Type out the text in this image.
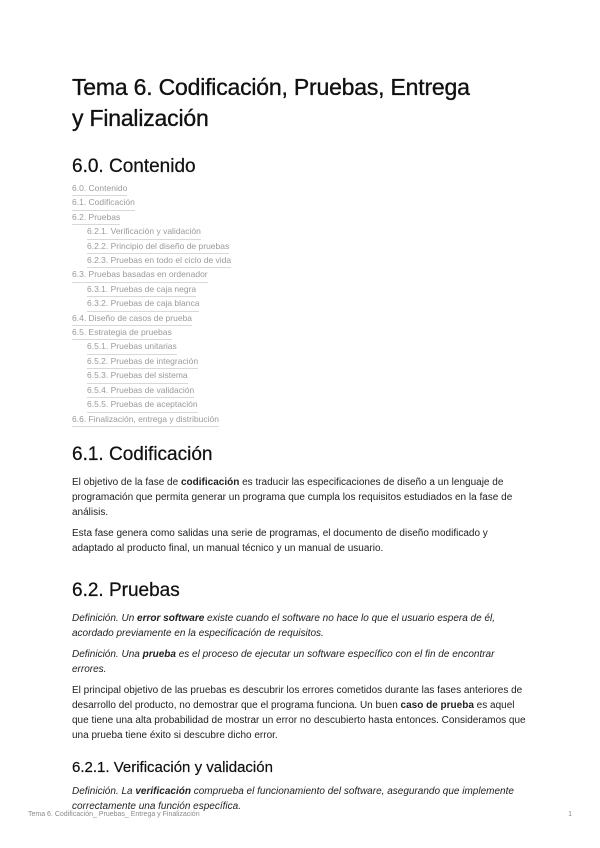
Tema 6. Codificación, Pruebas, Entrega
y Finalización
6.0. Contenido
6.0. Contenido
6.1. Codificación
6.2. Pruebas
6.2.1. Verificación y validación
6.2.2. Principio del diseño de pruebas
6.2.3. Pruebas en todo el ciclo de vida
6.3. Pruebas basadas en ordenador
6.3.1. Pruebas de caja negra
6.3.2. Pruebas de caja blanca
6.4. Diseño de casos de prueba
6.5. Estrategia de pruebas
6.5.1. Pruebas unitarias
6.5.2. Pruebas de integración
6.5.3. Pruebas del sistema
6.5.4. Pruebas de validación
6.5.5. Pruebas de aceptación
6.6. Finalización, entrega y distribución
6.1. Codificación

El objetivo de la fase de codificación es traducir las especificaciones de diseño a un lenguaje de programación que permita generar un programa que cumpla los requisitos estudiados en la fase de análisis.

Esta fase genera como salidas una serie de programas, el documento de diseño modificado y adaptado al producto final, un manual técnico y un manual de usuario.

6.2. Pruebas

Definición. Un error software existe cuando el software no hace lo que el usuario espera de él, acordado previamente en la especificación de requisitos.

Definición. Una prueba es el proceso de ejecutar un software específico con el fin de encontrar errores.

El principal objetivo de las pruebas es descubrir los errores cometidos durante las fases anteriores de desarrollo del producto, no demostrar que el programa funciona. Un buen caso de prueba es aquel que tiene una alta probabilidad de mostrar un error no descubierto hasta entonces. Consideramos que una prueba tiene éxito si descubre dicho error.

6.2.1. Verificación y validación

Definición. La verificación comprueba el funcionamiento del software, asegurando que implemente correctamente una función específica.

Tema 6. Codificación_ Pruebas_ Entrega y Finalización	1
